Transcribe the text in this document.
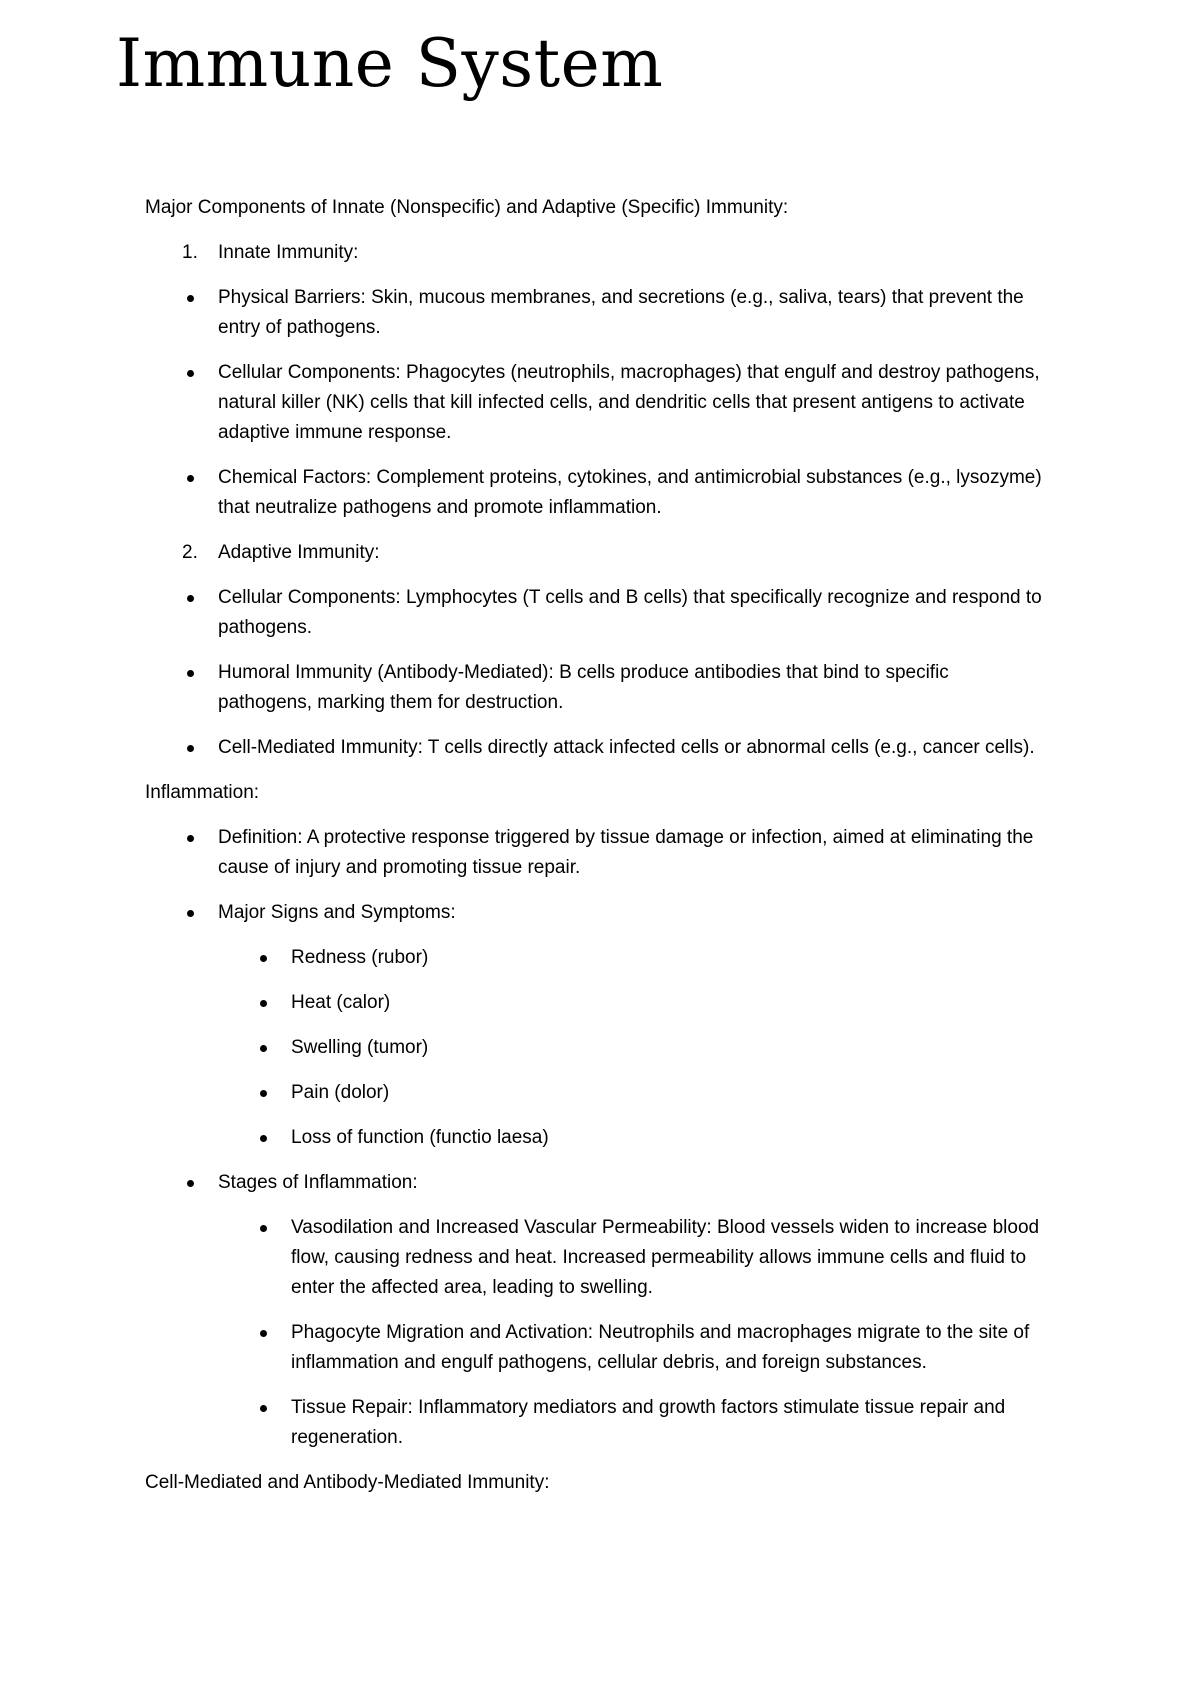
Immune System

Major Components of Innate (Nonspecific) and Adaptive (Specific) Immunity:

1. Innate Immunity:
Physical Barriers: Skin, mucous membranes, and secretions (e.g., saliva, tears) that prevent the entry of pathogens.
Cellular Components: Phagocytes (neutrophils, macrophages) that engulf and destroy pathogens, natural killer (NK) cells that kill infected cells, and dendritic cells that present antigens to activate adaptive immune response.
Chemical Factors: Complement proteins, cytokines, and antimicrobial substances (e.g., lysozyme) that neutralize pathogens and promote inflammation.
2. Adaptive Immunity:
Cellular Components: Lymphocytes (T cells and B cells) that specifically recognize and respond to pathogens.
Humoral Immunity (Antibody-Mediated): B cells produce antibodies that bind to specific pathogens, marking them for destruction.
Cell-Mediated Immunity: T cells directly attack infected cells or abnormal cells (e.g., cancer cells).

Inflammation:

Definition: A protective response triggered by tissue damage or infection, aimed at eliminating the cause of injury and promoting tissue repair.
Major Signs and Symptoms:
Redness (rubor)
Heat (calor)
Swelling (tumor)
Pain (dolor)
Loss of function (functio laesa)
Stages of Inflammation:
Vasodilation and Increased Vascular Permeability: Blood vessels widen to increase blood flow, causing redness and heat. Increased permeability allows immune cells and fluid to enter the affected area, leading to swelling.
Phagocyte Migration and Activation: Neutrophils and macrophages migrate to the site of inflammation and engulf pathogens, cellular debris, and foreign substances.
Tissue Repair: Inflammatory mediators and growth factors stimulate tissue repair and regeneration.

Cell-Mediated and Antibody-Mediated Immunity:
